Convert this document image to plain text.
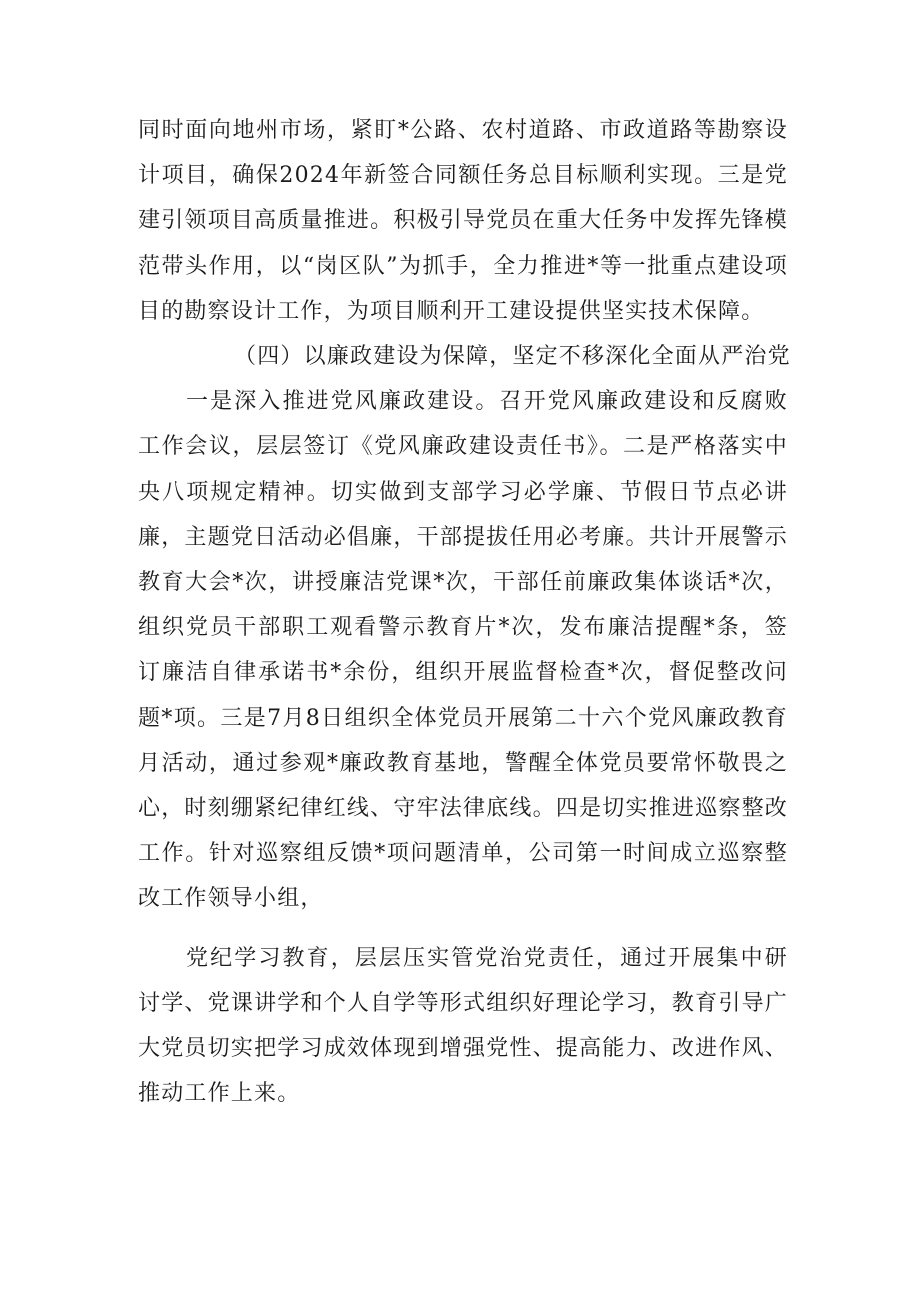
同时面向地州市场，紧盯*公路、农村道路、市政道路等勘察设计项目，确保2024年新签合同额任务总目标顺利实现。三是党建引领项目高质量推进。积极引导党员在重大任务中发挥先锋模范带头作用，以“岗区队”为抓手，全力推进*等一批重点建设项目的勘察设计工作，为项目顺利开工建设提供坚实技术保障。

（四）以廉政建设为保障，坚定不移深化全面从严治党

一是深入推进党风廉政建设。召开党风廉政建设和反腐败工作会议，层层签订《党风廉政建设责任书》。二是严格落实中央八项规定精神。切实做到支部学习必学廉、节假日节点必讲廉，主题党日活动必倡廉，干部提拔任用必考廉。共计开展警示教育大会*次，讲授廉洁党课*次，干部任前廉政集体谈话*次，组织党员干部职工观看警示教育片*次，发布廉洁提醒*条，签订廉洁自律承诺书*余份，组织开展监督检查*次，督促整改问题*项。三是7月8日组织全体党员开展第二十六个党风廉政教育月活动，通过参观*廉政教育基地，警醒全体党员要常怀敬畏之心，时刻绷紧纪律红线、守牢法律底线。四是切实推进巡察整改工作。针对巡察组反馈*项问题清单，公司第一时间成立巡察整改工作领导小组，

党纪学习教育，层层压实管党治党责任，通过开展集中研讨学、党课讲学和个人自学等形式组织好理论学习，教育引导广大党员切实把学习成效体现到增强党性、提高能力、改进作风、推动工作上来。
